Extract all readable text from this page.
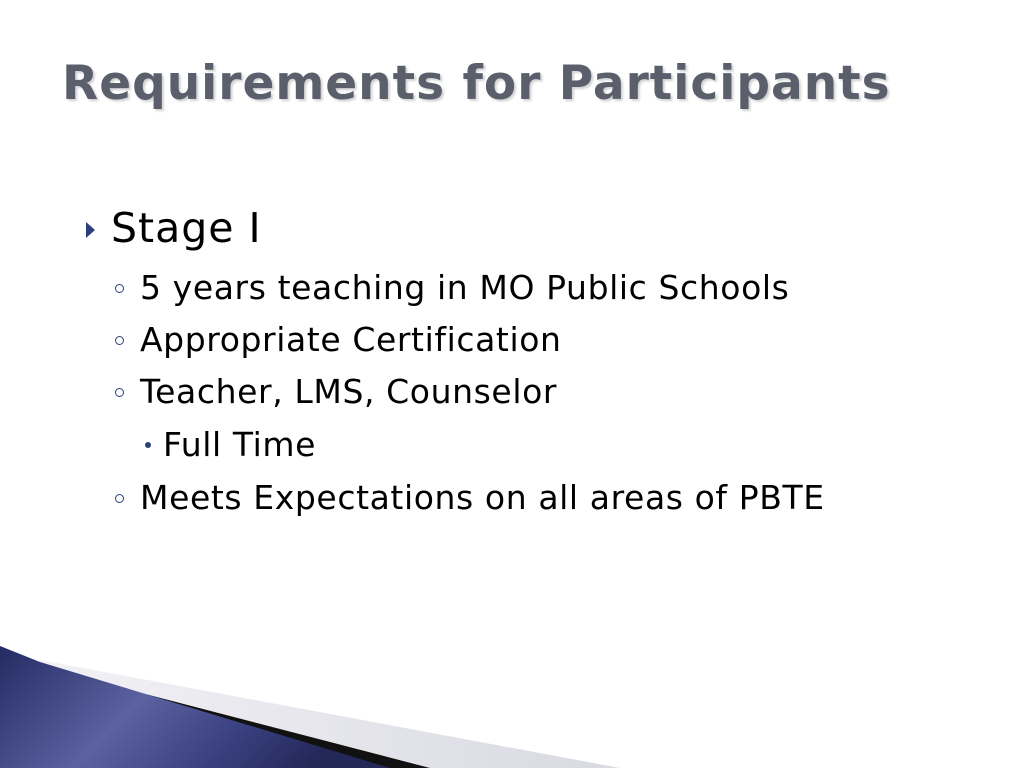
Requirements for Participants
Stage I
5 years teaching in MO Public Schools
Appropriate Certification
Teacher, LMS, Counselor
Full Time
Meets Expectations on all areas of PBTE
